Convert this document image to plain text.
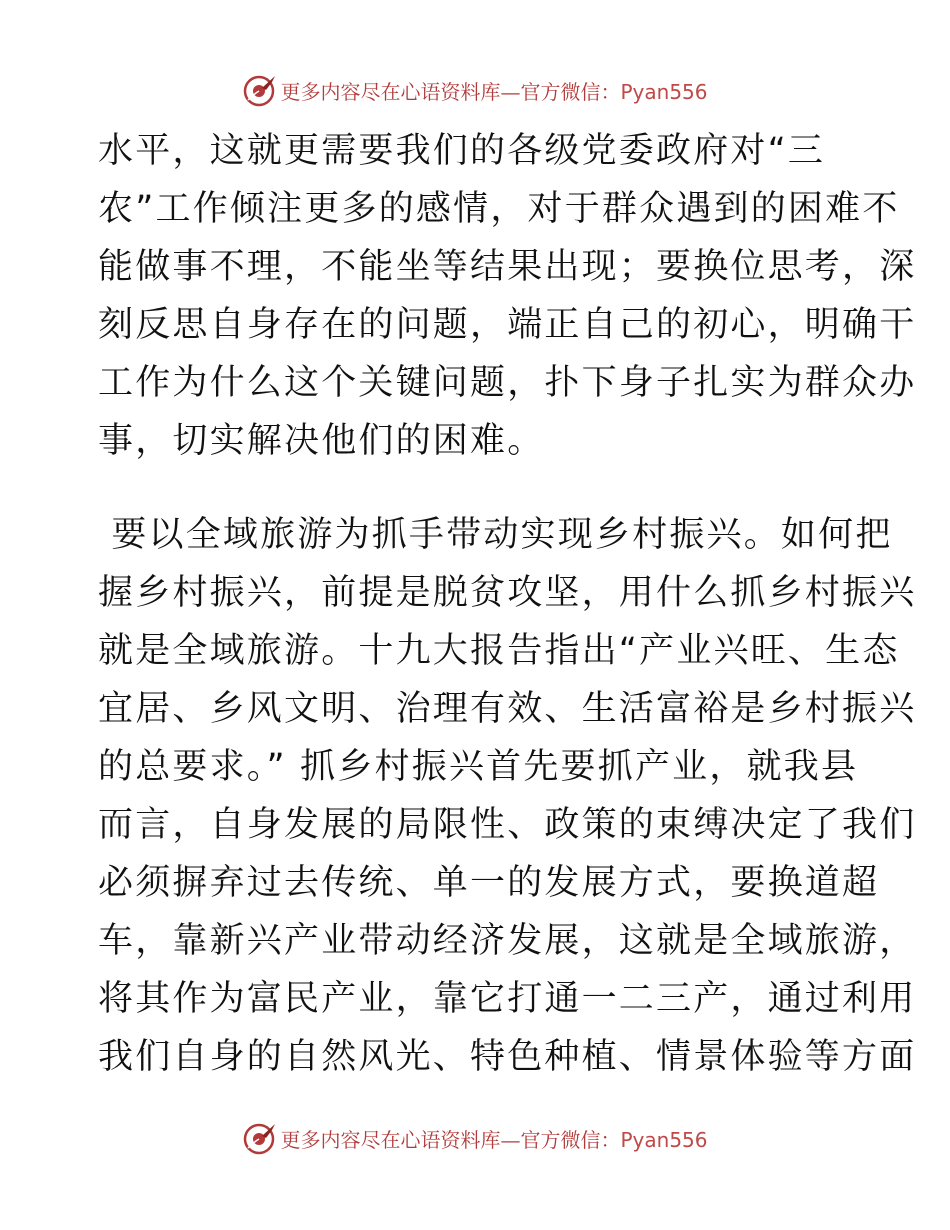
更多内容尽在心语资料库—官方微信：Pyan556
水平，这就更需要我们的各级党委政府对“三
农”工作倾注更多的感情，对于群众遇到的困难不
能做事不理，不能坐等结果出现；要换位思考，深
刻反思自身存在的问题，端正自己的初心，明确干
工作为什么这个关键问题，扑下身子扎实为群众办
事，切实解决他们的困难。
要以全域旅游为抓手带动实现乡村振兴。如何把
握乡村振兴，前提是脱贫攻坚，用什么抓乡村振兴
就是全域旅游。十九大报告指出“产业兴旺、生态
宜居、乡风文明、治理有效、生活富裕是乡村振兴
的总要求。” 抓乡村振兴首先要抓产业，就我县
而言，自身发展的局限性、政策的束缚决定了我们
必须摒弃过去传统、单一的发展方式，要换道超
车，靠新兴产业带动经济发展，这就是全域旅游，
将其作为富民产业，靠它打通一二三产，通过利用
我们自身的自然风光、特色种植、情景体验等方面
更多内容尽在心语资料库—官方微信：Pyan556
